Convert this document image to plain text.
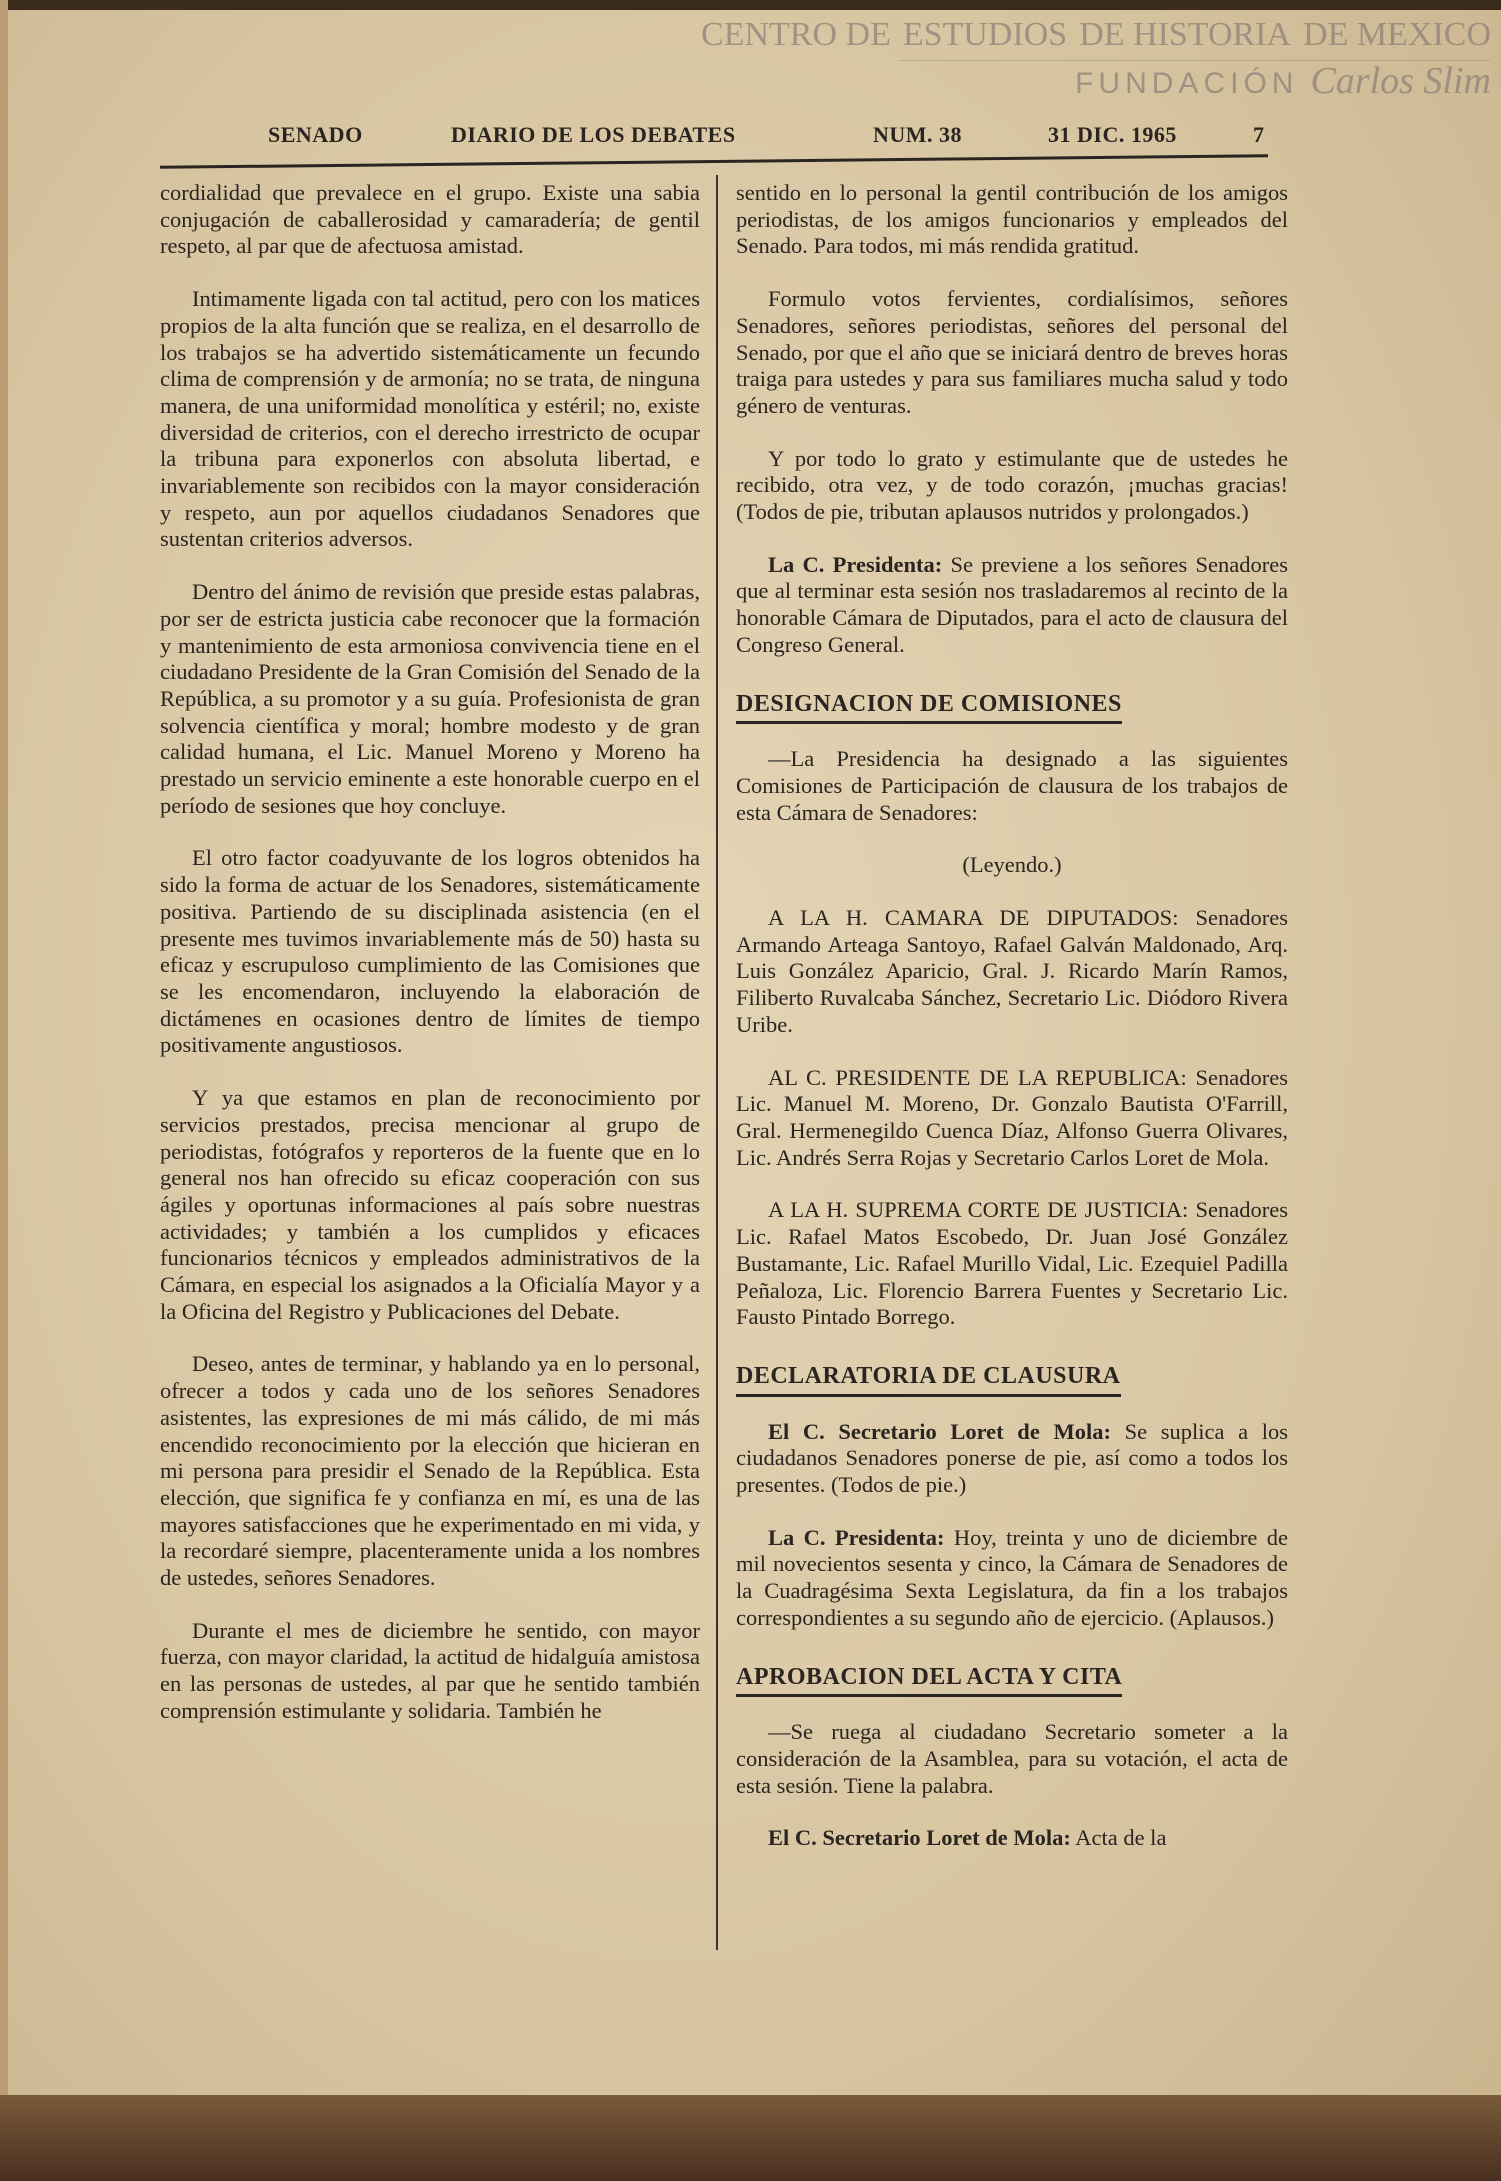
CENTRO DE ESTUDIOS DE HISTORIA DE MEXICO
FUNDACIÓN Carlos Slim
SENADO	DIARIO DE LOS DEBATES	NUM. 38	31 DIC. 1965	7

cordialidad que prevalece en el grupo. Existe una sabia conjugación de caballerosidad y camaradería; de gentil respeto, al par que de afectuosa amistad.

Intimamente ligada con tal actitud, pero con los matices propios de la alta función que se realiza, en el desarrollo de los trabajos se ha advertido sistemáticamente un fecundo clima de comprensión y de armonía; no se trata, de ninguna manera, de una uniformidad monolítica y estéril; no, existe diversidad de criterios, con el derecho irrestricto de ocupar la tribuna para exponerlos con absoluta libertad, e invariablemente son recibidos con la mayor consideración y respeto, aun por aquellos ciudadanos Senadores que sustentan criterios adversos.

Dentro del ánimo de revisión que preside estas palabras, por ser de estricta justicia cabe reconocer que la formación y mantenimiento de esta armoniosa convivencia tiene en el ciudadano Presidente de la Gran Comisión del Senado de la República, a su promotor y a su guía. Profesionista de gran solvencia científica y moral; hombre modesto y de gran calidad humana, el Lic. Manuel Moreno y Moreno ha prestado un servicio eminente a este honorable cuerpo en el período de sesiones que hoy concluye.

El otro factor coadyuvante de los logros obtenidos ha sido la forma de actuar de los Senadores, sistemáticamente positiva. Partiendo de su disciplinada asistencia (en el presente mes tuvimos invariablemente más de 50) hasta su eficaz y escrupuloso cumplimiento de las Comisiones que se les encomendaron, incluyendo la elaboración de dictámenes en ocasiones dentro de límites de tiempo positivamente angustiosos.

Y ya que estamos en plan de reconocimiento por servicios prestados, precisa mencionar al grupo de periodistas, fotógrafos y reporteros de la fuente que en lo general nos han ofrecido su eficaz cooperación con sus ágiles y oportunas informaciones al país sobre nuestras actividades; y también a los cumplidos y eficaces funcionarios técnicos y empleados administrativos de la Cámara, en especial los asignados a la Oficialía Mayor y a la Oficina del Registro y Publicaciones del Debate.

Deseo, antes de terminar, y hablando ya en lo personal, ofrecer a todos y cada uno de los señores Senadores asistentes, las expresiones de mi más cálido, de mi más encendido reconocimiento por la elección que hicieran en mi persona para presidir el Senado de la República. Esta elección, que significa fe y confianza en mí, es una de las mayores satisfacciones que he experimentado en mi vida, y la recordaré siempre, placenteramente unida a los nombres de ustedes, señores Senadores.

Durante el mes de diciembre he sentido, con mayor fuerza, con mayor claridad, la actitud de hidalguía amistosa en las personas de ustedes, al par que he sentido también comprensión estimulante y solidaria. También he

sentido en lo personal la gentil contribución de los amigos periodistas, de los amigos funcionarios y empleados del Senado. Para todos, mi más rendida gratitud.

Formulo votos fervientes, cordialísimos, señores Senadores, señores periodistas, señores del personal del Senado, por que el año que se iniciará dentro de breves horas traiga para ustedes y para sus familiares mucha salud y todo género de venturas.

Y por todo lo grato y estimulante que de ustedes he recibido, otra vez, y de todo corazón, ¡muchas gracias! (Todos de pie, tributan aplausos nutridos y prolongados.)

La C. Presidenta: Se previene a los señores Senadores que al terminar esta sesión nos trasladaremos al recinto de la honorable Cámara de Diputados, para el acto de clausura del Congreso General.

DESIGNACION DE COMISIONES

—La Presidencia ha designado a las siguientes Comisiones de Participación de clausura de los trabajos de esta Cámara de Senadores:

(Leyendo.)

A LA H. CAMARA DE DIPUTADOS: Senadores Armando Arteaga Santoyo, Rafael Galván Maldonado, Arq. Luis González Aparicio, Gral. J. Ricardo Marín Ramos, Filiberto Ruvalcaba Sánchez, Secretario Lic. Diódoro Rivera Uribe.

AL C. PRESIDENTE DE LA REPUBLICA: Senadores Lic. Manuel M. Moreno, Dr. Gonzalo Bautista O'Farrill, Gral. Hermenegildo Cuenca Díaz, Alfonso Guerra Olivares, Lic. Andrés Serra Rojas y Secretario Carlos Loret de Mola.

A LA H. SUPREMA CORTE DE JUSTICIA: Senadores Lic. Rafael Matos Escobedo, Dr. Juan José González Bustamante, Lic. Rafael Murillo Vidal, Lic. Ezequiel Padilla Peñaloza, Lic. Florencio Barrera Fuentes y Secretario Lic. Fausto Pintado Borrego.

DECLARATORIA DE CLAUSURA

El C. Secretario Loret de Mola: Se suplica a los ciudadanos Senadores ponerse de pie, así como a todos los presentes. (Todos de pie.)

La C. Presidenta: Hoy, treinta y uno de diciembre de mil novecientos sesenta y cinco, la Cámara de Senadores de la Cuadragésima Sexta Legislatura, da fin a los trabajos correspondientes a su segundo año de ejercicio. (Aplausos.)

APROBACION DEL ACTA Y CITA

—Se ruega al ciudadano Secretario someter a la consideración de la Asamblea, para su votación, el acta de esta sesión. Tiene la palabra.

El C. Secretario Loret de Mola: Acta de la
